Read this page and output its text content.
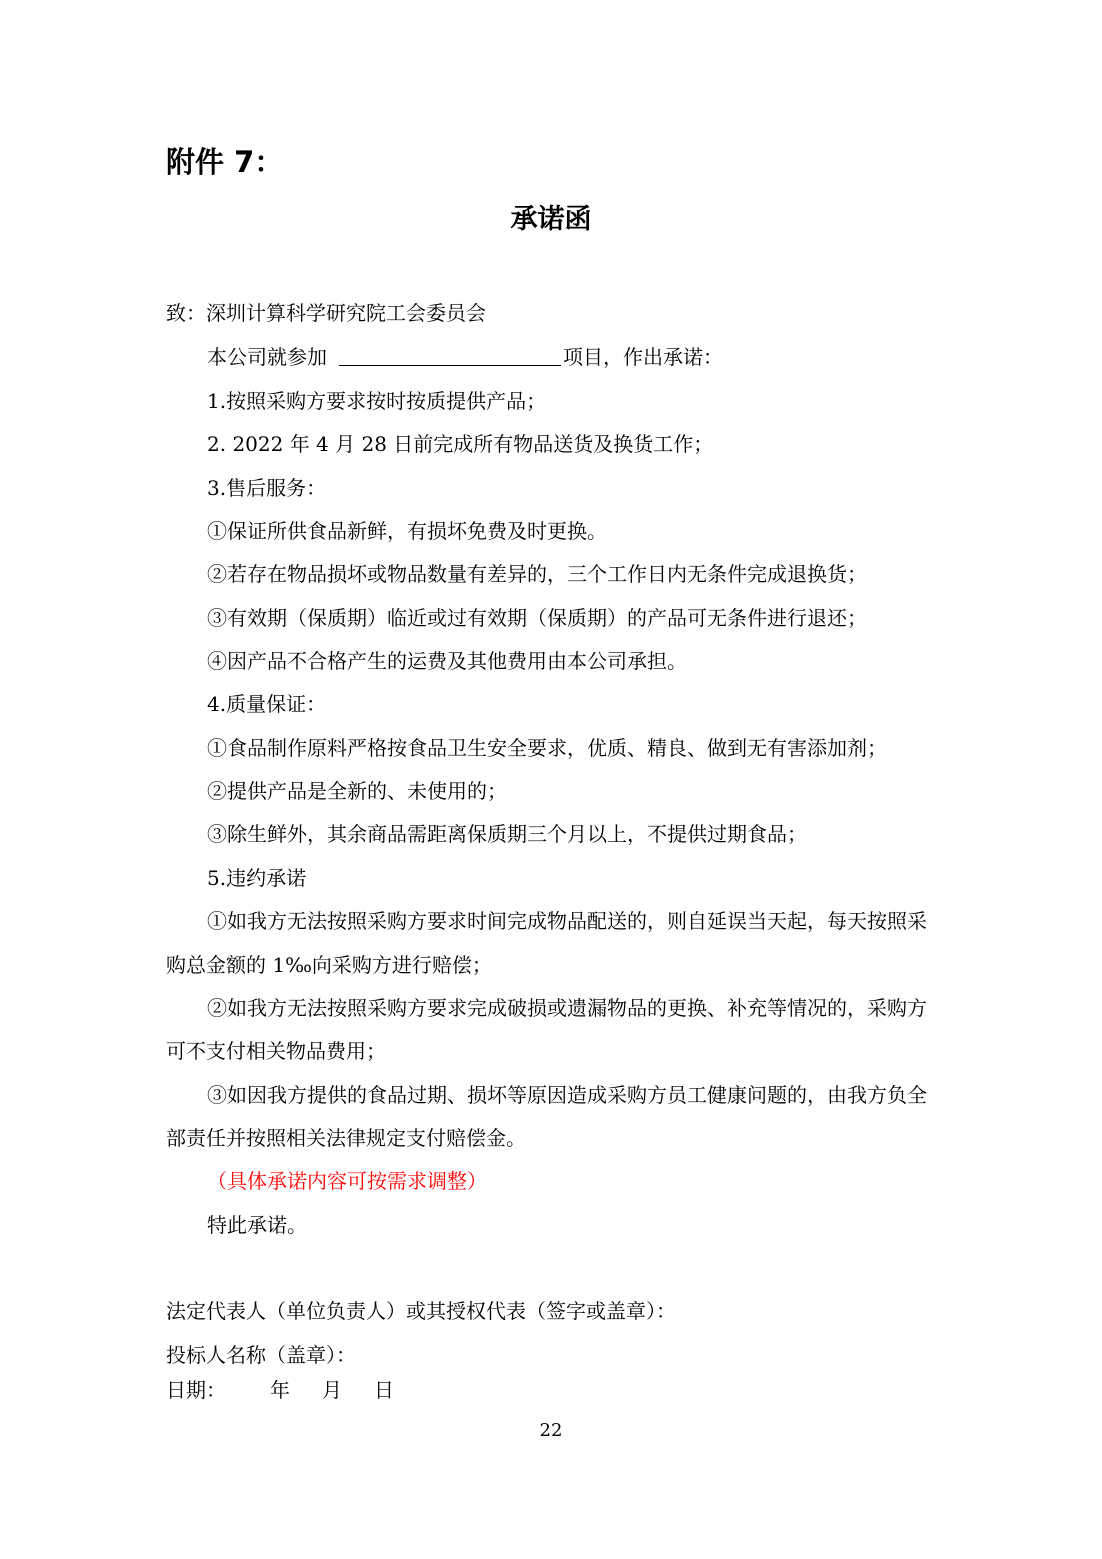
附件 7：
承诺函
致：深圳计算科学研究院工会委员会
本公司就参加	项目，作出承诺：
1.按照采购方要求按时按质提供产品；
2. 2022 年 4 月 28 日前完成所有物品送货及换货工作；
3.售后服务：
①保证所供食品新鲜，有损坏免费及时更换。
②若存在物品损坏或物品数量有差异的，三个工作日内无条件完成退换货；
③有效期（保质期）临近或过有效期（保质期）的产品可无条件进行退还；
④因产品不合格产生的运费及其他费用由本公司承担。
4.质量保证：
①食品制作原料严格按食品卫生安全要求，优质、精良、做到无有害添加剂；
②提供产品是全新的、未使用的；
③除生鲜外，其余商品需距离保质期三个月以上，不提供过期食品；
5.违约承诺
①如我方无法按照采购方要求时间完成物品配送的，则自延误当天起，每天按照采
购总金额的 1‰向采购方进行赔偿；
②如我方无法按照采购方要求完成破损或遗漏物品的更换、补充等情况的，采购方
可不支付相关物品费用；
③如因我方提供的食品过期、损坏等原因造成采购方员工健康问题的，由我方负全
部责任并按照相关法律规定支付赔偿金。
（具体承诺内容可按需求调整）
特此承诺。
法定代表人（单位负责人）或其授权代表（签字或盖章）：
投标人名称（盖章）：
日期： 年 月 日
22
